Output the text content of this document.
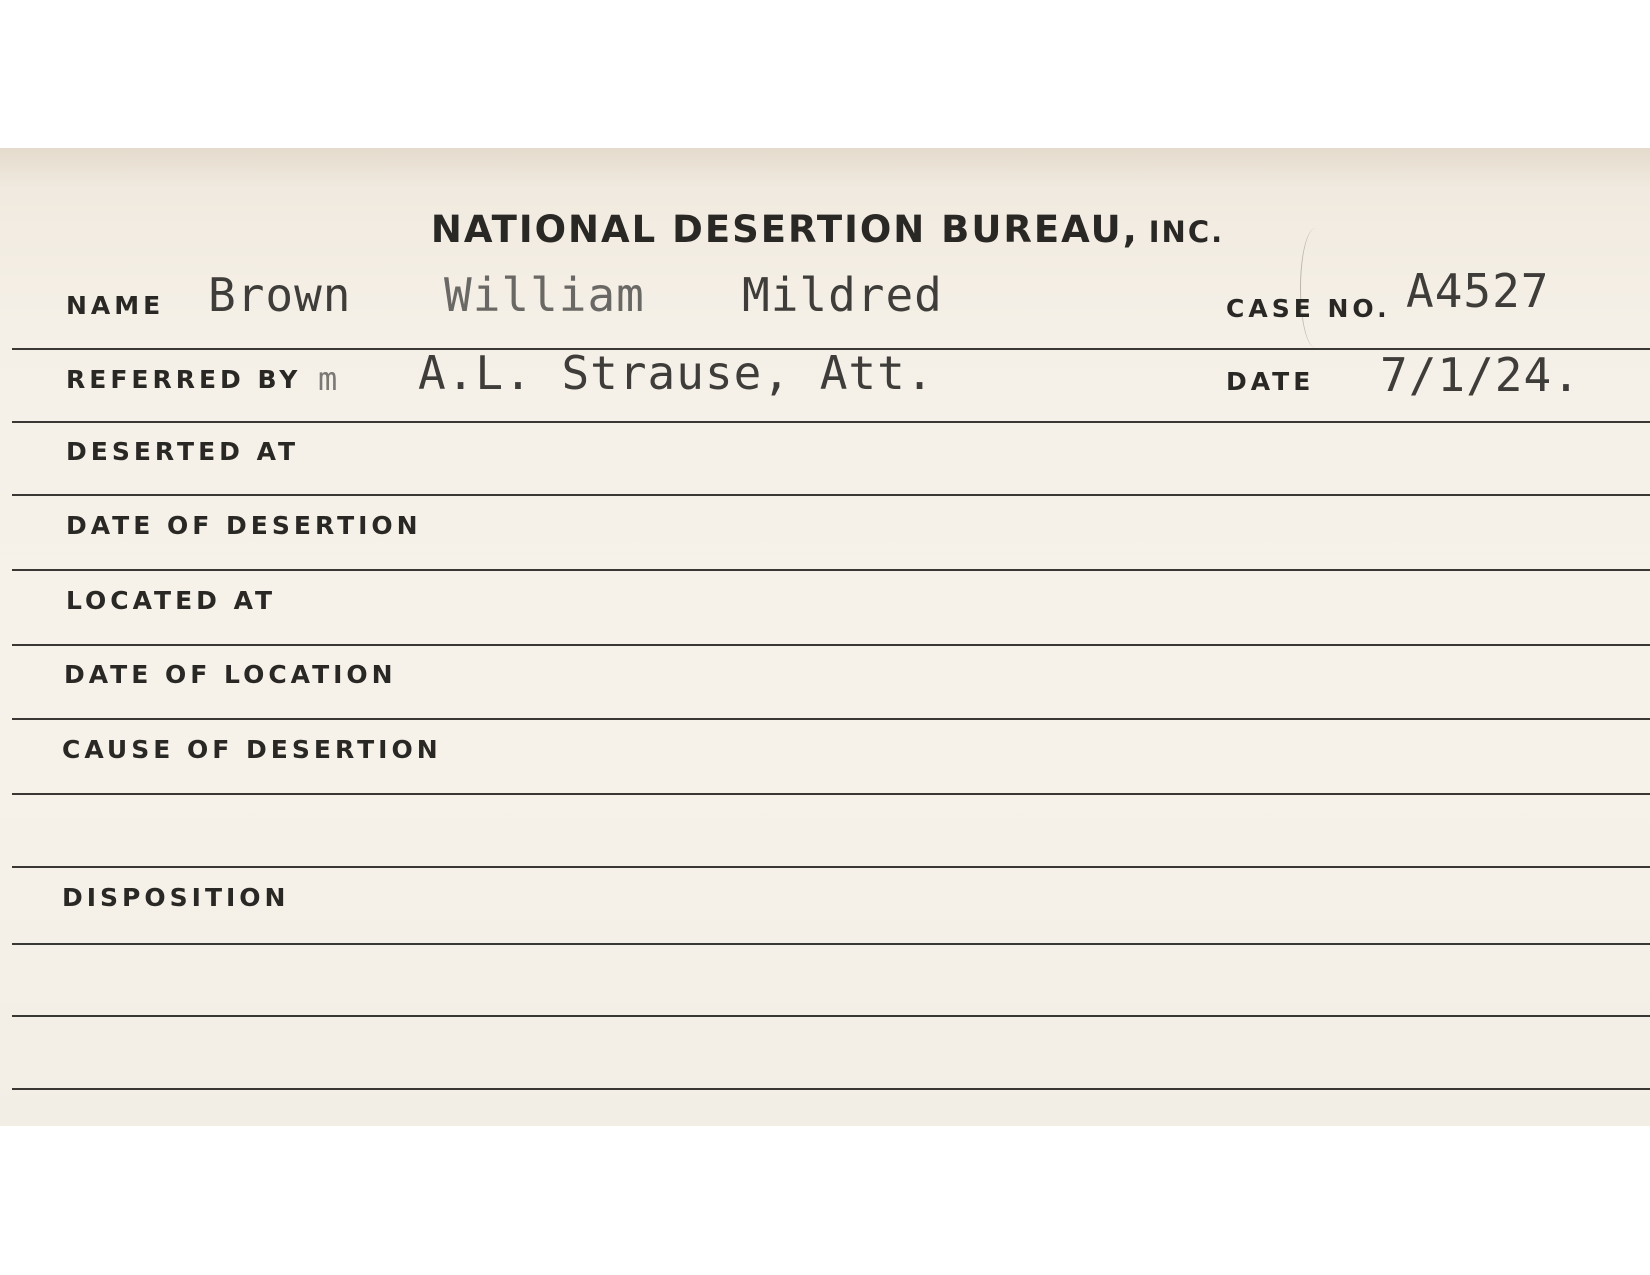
NATIONAL DESERTION BUREAU, INC.
NAME Brown William Mildred	CASE NO. A4527
REFERRED BY m A.L. Strause, Att.	DATE 7/1/24.
DESERTED AT
DATE OF DESERTION
LOCATED AT
DATE OF LOCATION
CAUSE OF DESERTION
DISPOSITION
